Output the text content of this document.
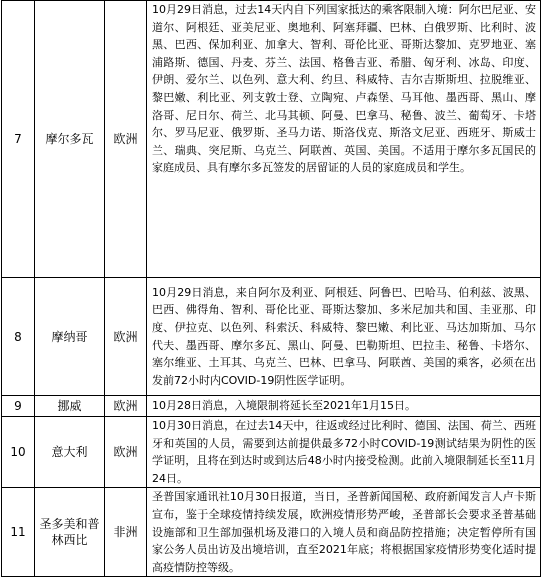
7	摩尔多瓦	欧洲	10月29日消息，过去14天内自下列国家抵达的乘客限制入境：阿尔巴尼亚、安道尔、阿根廷、亚美尼亚、奥地利、阿塞拜疆、巴林、白俄罗斯、比利时、波黑、巴西、保加利亚、加拿大、智利、哥伦比亚、哥斯达黎加、克罗地亚、塞浦路斯、德国、丹麦、芬兰、法国、格鲁吉亚、希腊、匈牙利、冰岛、印度、伊朗、爱尔兰、以色列、意大利、约旦、科威特、吉尔吉斯斯坦、拉脱维亚、黎巴嫩、利比亚、列支敦士登、立陶宛、卢森堡、马耳他、墨西哥、黑山、摩洛哥、尼日尔、荷兰、北马其顿、阿曼、巴拿马、秘鲁、波兰、葡萄牙、卡塔尔、罗马尼亚、俄罗斯、圣马力诺、斯洛伐克、斯洛文尼亚、西班牙、斯威士兰、瑞典、突尼斯、乌克兰、阿联酋、英国、美国。不适用于摩尔多瓦国民的家庭成员、具有摩尔多瓦签发的居留证的人员的家庭成员和学生。
8	摩纳哥	欧洲	10月29日消息，来自阿尔及利亚、阿根廷、阿鲁巴、巴哈马、伯利兹、波黑、巴西、佛得角、智利、哥伦比亚、哥斯达黎加、多米尼加共和国、圭亚那、印度、伊拉克、以色列、科索沃、科威特、黎巴嫩、利比亚、马达加斯加、马尔代夫、墨西哥、摩尔多瓦、黑山、阿曼、巴勒斯坦、巴拉圭、秘鲁、卡塔尔、塞尔维亚、土耳其、乌克兰、巴林、巴拿马、阿联酋、美国的乘客，必须在出发前72小时内COVID-19阴性医学证明。
9	挪威	欧洲	10月28日消息，入境限制将延长至2021年1月15日。
10	意大利	欧洲	10月30日消息，在过去14天中，往返或经过比利时、德国、法国、荷兰、西班牙和英国的人员，需要到达前提供最多72小时COVID-19测试结果为阴性的医学证明，且将在到达时或到达后48小时内接受检测。此前入境限制延长至11月24日。
11	圣多美和普林西比	非洲	圣普国家通讯社10月30日报道，当日，圣普新闻国秘、政府新闻发言人卢卡斯宣布，鉴于全球疫情持续发展，欧洲疫情形势严峻，圣普部长会要求圣普基础设施部和卫生部加强机场及港口的入境人员和商品防控措施；决定暂停所有国家公务人员出访及出境培训，直至2021年底；将根据国家疫情形势变化适时提高疫情防控等级。
